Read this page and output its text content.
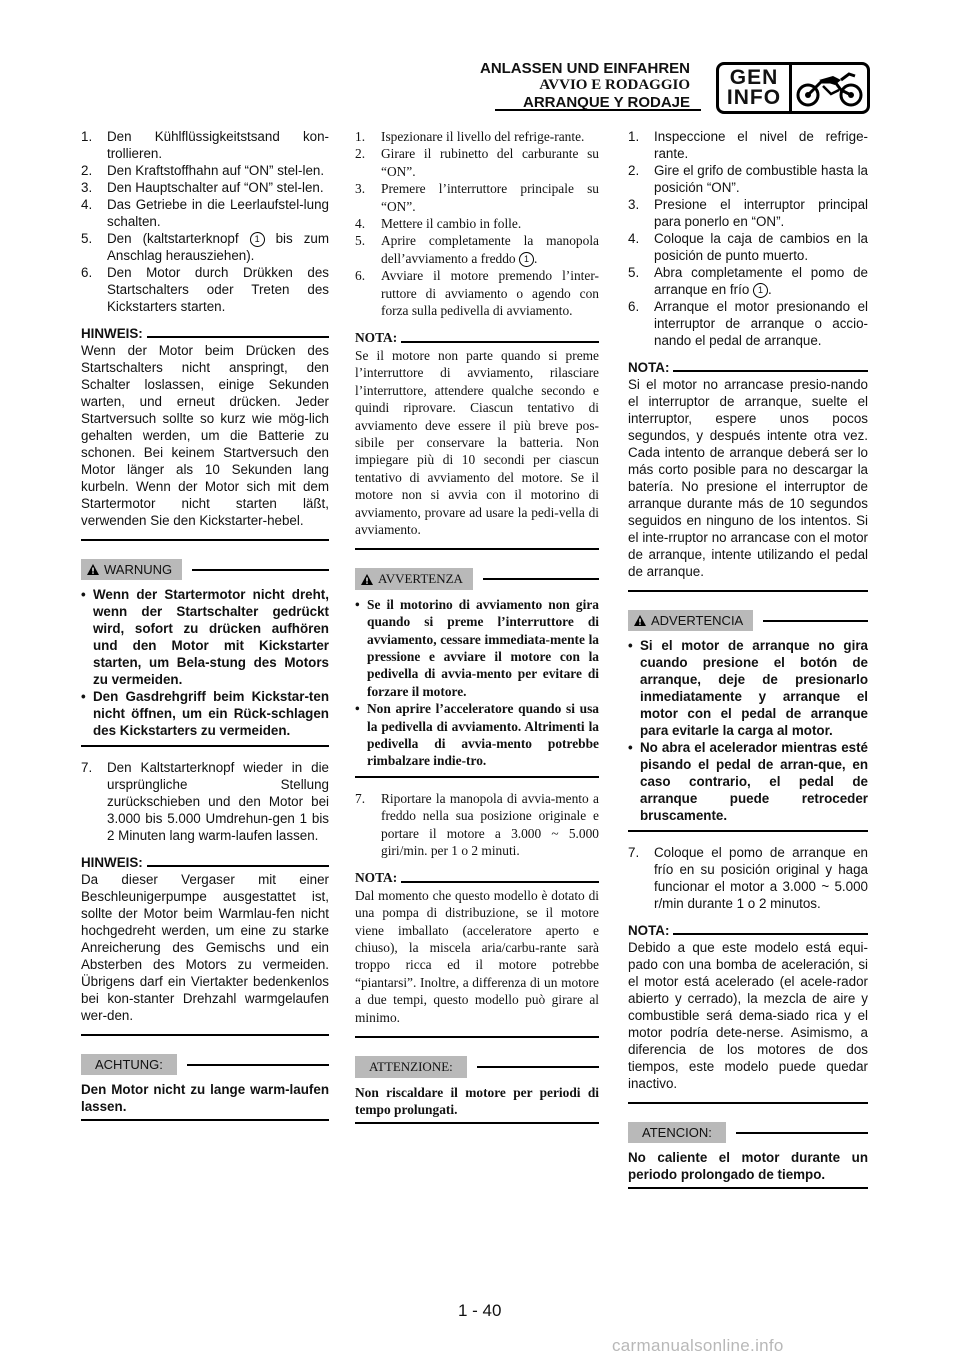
ANLASSEN UND EINFAHREN
AVVIO E RODAGGIO
ARRANQUE Y RODAJE
GEN
INFO
1.	Den Kühlflüssigkeitstsand kon-trollieren.
2.	Den Kraftstoffhahn auf “ON” stel-len.
3.	Den Hauptschalter auf “ON” stel-len.
4.	Das Getriebe in die Leerlaufstel-lung schalten.
5.	Den (kaltstarterknopf 1 bis zum Anschlag herausziehen).
6.	Den Motor durch Drükken des Startschalters oder Treten des Kickstarters starten.
HINWEIS:
Wenn der Motor beim Drücken des Startschalters nicht anspringt, den Schalter loslassen, einige Sekunden warten, und erneut drücken. Jeder Startversuch sollte so kurz wie mög-lich gehalten werden, um die Batterie zu schonen. Bei keinem Startversuch den Motor länger als 10 Sekunden lang kurbeln. Wenn der Motor sich mit dem Startermotor nicht starten läßt, verwenden Sie den Kickstarter-hebel.
WARNUNG
• Wenn der Startermotor nicht dreht, wenn der Startschalter gedrückt wird, sofort zu drücken aufhören und den Motor mit Kickstarter starten, um Bela-stung des Motors zu vermeiden.
• Den Gasdrehgriff beim Kickstar-ten nicht öffnen, um ein Rück-schlagen des Kickstarters zu vermeiden.
7.	Den Kaltstarterknopf wieder in die ursprüngliche Stellung zurückschieben und den Motor bei 3.000 bis 5.000 Umdrehun-gen 1 bis 2 Minuten lang warm-laufen lassen.
HINWEIS:
Da dieser Vergaser mit einer Beschleunigerpumpe ausgestattet ist, sollte der Motor beim Warmlau-fen nicht hochgedreht werden, um eine zu starke Anreicherung des Gemischs und ein Absterben des Motors zu vermeiden. Übrigens darf ein Viertakter bedenkenlos bei kon-stanter Drehzahl warmgelaufen wer-den.
ACHTUNG:
Den Motor nicht zu lange warm-laufen lassen.
1.	Ispezionare il livello del refrige-rante.
2.	Girare il rubinetto del carburante su “ON”.
3.	Premere l’interruttore principale su “ON”.
4.	Mettere il cambio in folle.
5.	Aprire completamente la manopola dell’avviamento a freddo 1 .
6.	Avviare il motore premendo l’inter-ruttore di avviamento o agendo con forza sulla pedivella di avviamento.
NOTA:
Se il motore non parte quando si preme l’interruttore di avviamento, rilasciare l’interruttore, attendere qualche secondo e quindi riprovare. Ciascun tentativo di avviamento deve essere il più breve pos-sibile per conservare la batteria. Non impiegare più di 10 secondi per ciascun tentativo di avviamento del motore. Se il motore non si avvia con il motorino di avviamento, provare ad usare la pedi-vella di avviamento.
AVVERTENZA
• Se il motorino di avviamento non gira quando si preme l’interruttore di avviamento, cessare immediata-mente la pressione e avviare il motore con la pedivella di avvia-mento per evitare di forzare il motore.
• Non aprire l’acceleratore quando si usa la pedivella di avviamento. Altrimenti la pedivella di avvia-mento potrebbe rimbalzare indie-tro.
7.	Riportare la manopola di avvia-mento a freddo nella sua posizione originale e portare il motore a 3.000 ~ 5.000 giri/min. per 1 o 2 minuti.
NOTA:
Dal momento che questo modello è dotato di una pompa di distribuzione, se il motore viene imballato (acceleratore aperto e chiuso), la miscela aria/carbu-rante sarà troppo ricca ed il motore potrebbe “piantarsi”. Inoltre, a differenza di un motore a due tempi, questo modello può girare al minimo.
ATTENZIONE:
Non riscaldare il motore per periodi di tempo prolungati.
1.	Inspeccione el nivel de refrige-rante.
2.	Gire el grifo de combustible hasta la posición “ON”.
3.	Presione el interruptor principal para ponerlo en “ON”.
4.	Coloque la caja de cambios en la posición de punto muerto.
5.	Abra completamente el pomo de arranque en frío 1 .
6.	Arranque el motor presionando el interruptor de arranque o accio-nando el pedal de arranque.
NOTA:
Si el motor no arrancase presio-nando el interruptor de arranque, suelte el interruptor, espere unos pocos segundos, y después intente otra vez. Cada intento de arranque deberá ser lo más corto posible para no descargar la batería. No presione el interruptor de arranque durante más de 10 segundos seguidos en ninguno de los intentos. Si el inte-rruptor no arrancase con el motor de arranque, intente utilizando el pedal de arranque.
ADVERTENCIA
• Si el motor de arranque no gira cuando presione el botón de arranque, deje de presionarlo inmediatamente y arranque el motor con el pedal de arranque para evitarle la carga al motor.
• No abra el acelerador mientras esté pisando el pedal de arran-que, en caso contrario, el pedal de arranque puede retroceder bruscamente.
7.	Coloque el pomo de arranque en frío en su posición original y haga funcionar el motor a 3.000 ~ 5.000 r/min durante 1 o 2 minutos.
NOTA:
Debido a que este modelo está equi-pado con una bomba de aceleración, si el motor está acelerado (el acele-rador abierto y cerrado), la mezcla de aire y combustible será dema-siado rica y el motor podría dete-nerse. Asimismo, a diferencia de los motores de dos tiempos, este modelo puede quedar inactivo.
ATENCION:
No caliente el motor durante un periodo prolongado de tiempo.
1 - 40
carmanualsonline.info
